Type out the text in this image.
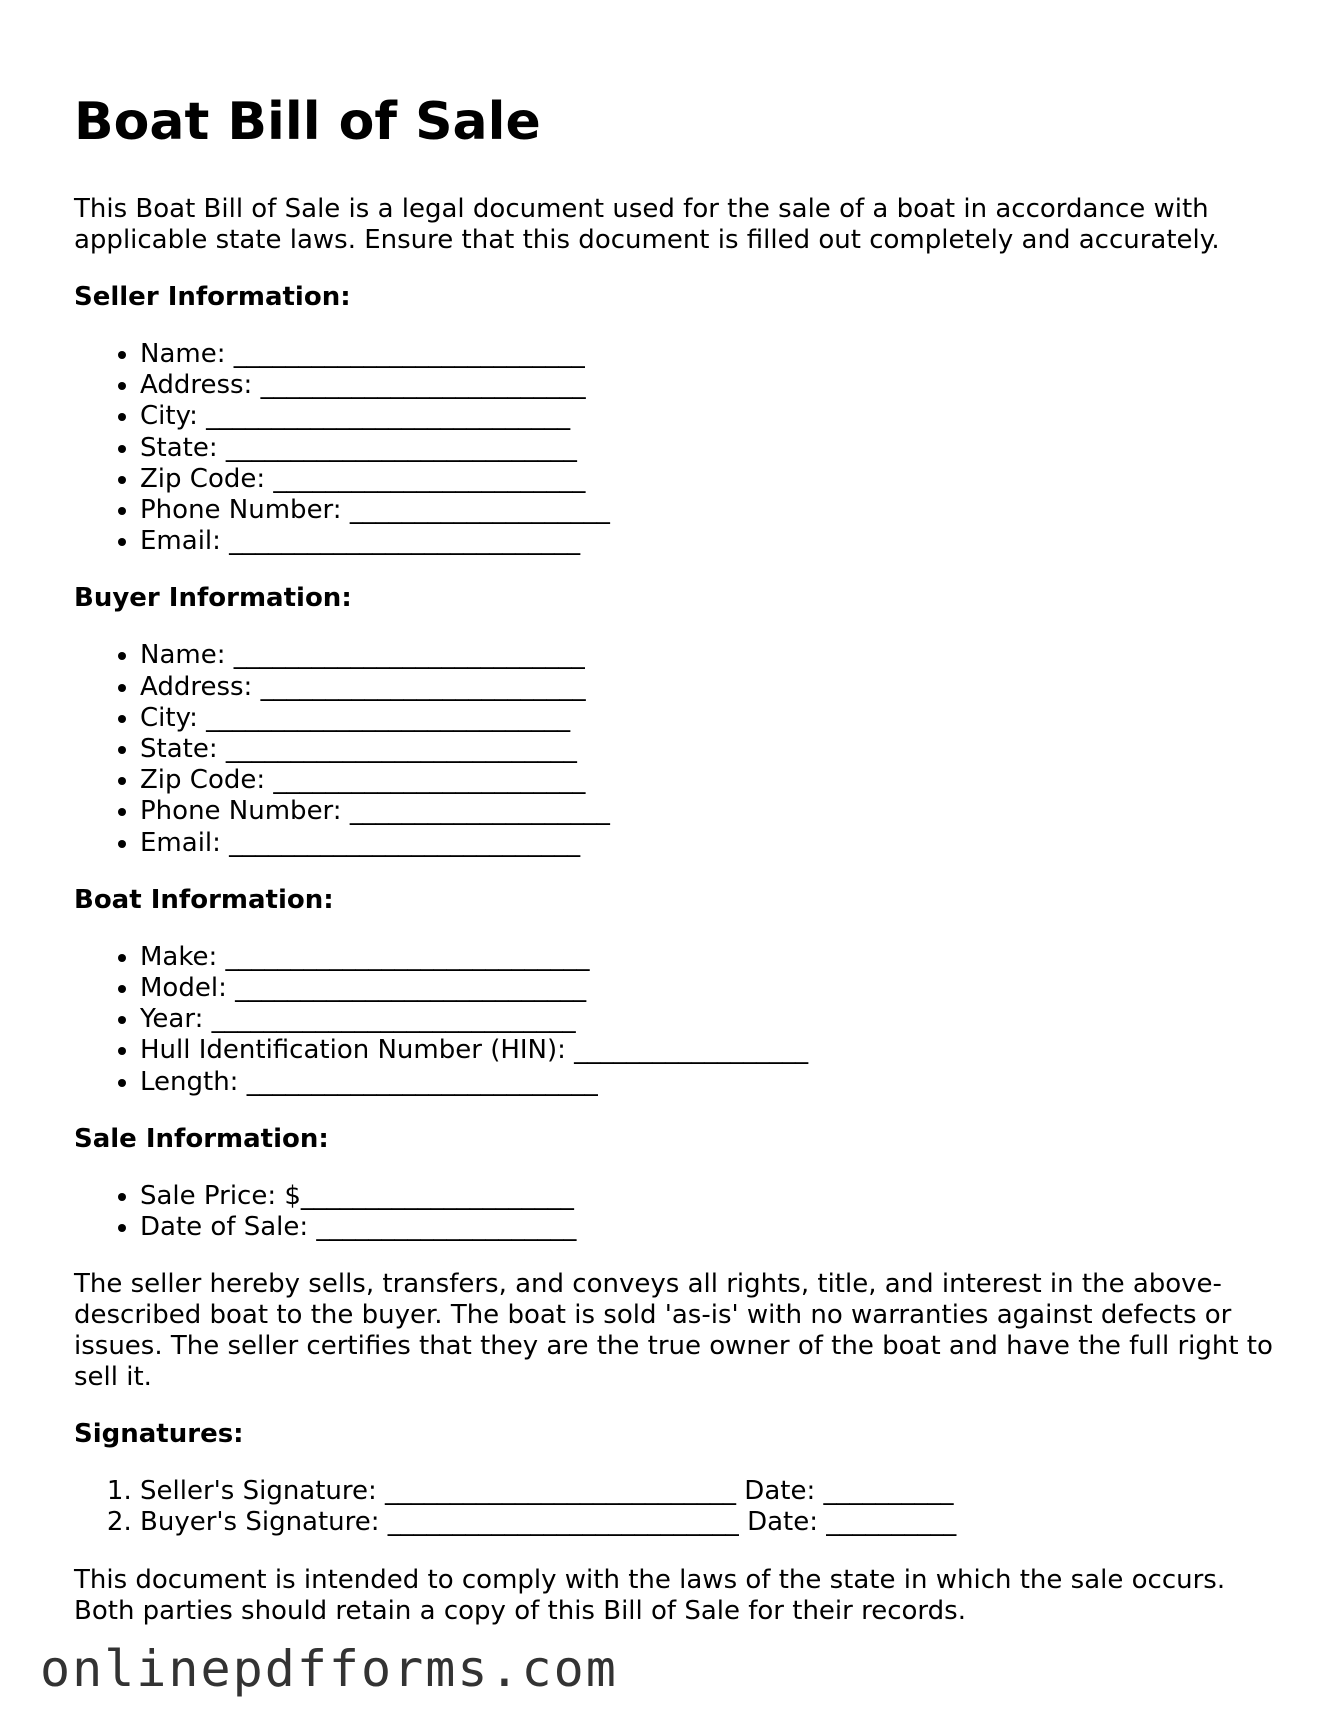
Boat Bill of Sale

This Boat Bill of Sale is a legal document used for the sale of a boat in accordance with applicable state laws. Ensure that this document is filled out completely and accurately.

Seller Information:
• Name: ___________________________
• Address: _________________________
• City: ____________________________
• State: ___________________________
• Zip Code: ________________________
• Phone Number: ____________________
• Email: ___________________________
Buyer Information:
• Name: ___________________________
• Address: _________________________
• City: ____________________________
• State: ___________________________
• Zip Code: ________________________
• Phone Number: ____________________
• Email: ___________________________
Boat Information:
• Make: ____________________________
• Model: ___________________________
• Year: ____________________________
• Hull Identification Number (HIN): __________________
• Length: ___________________________
Sale Information:
• Sale Price: $_____________________
• Date of Sale: ____________________

The seller hereby sells, transfers, and conveys all rights, title, and interest in the above-described boat to the buyer. The boat is sold 'as-is' with no warranties against defects or issues. The seller certifies that they are the true owner of the boat and have the full right to sell it.

Signatures:
1. Seller's Signature: ___________________________ Date: __________
2. Buyer's Signature: ___________________________ Date: __________

This document is intended to comply with the laws of the state in which the sale occurs. Both parties should retain a copy of this Bill of Sale for their records.

onlinepdfforms.com
